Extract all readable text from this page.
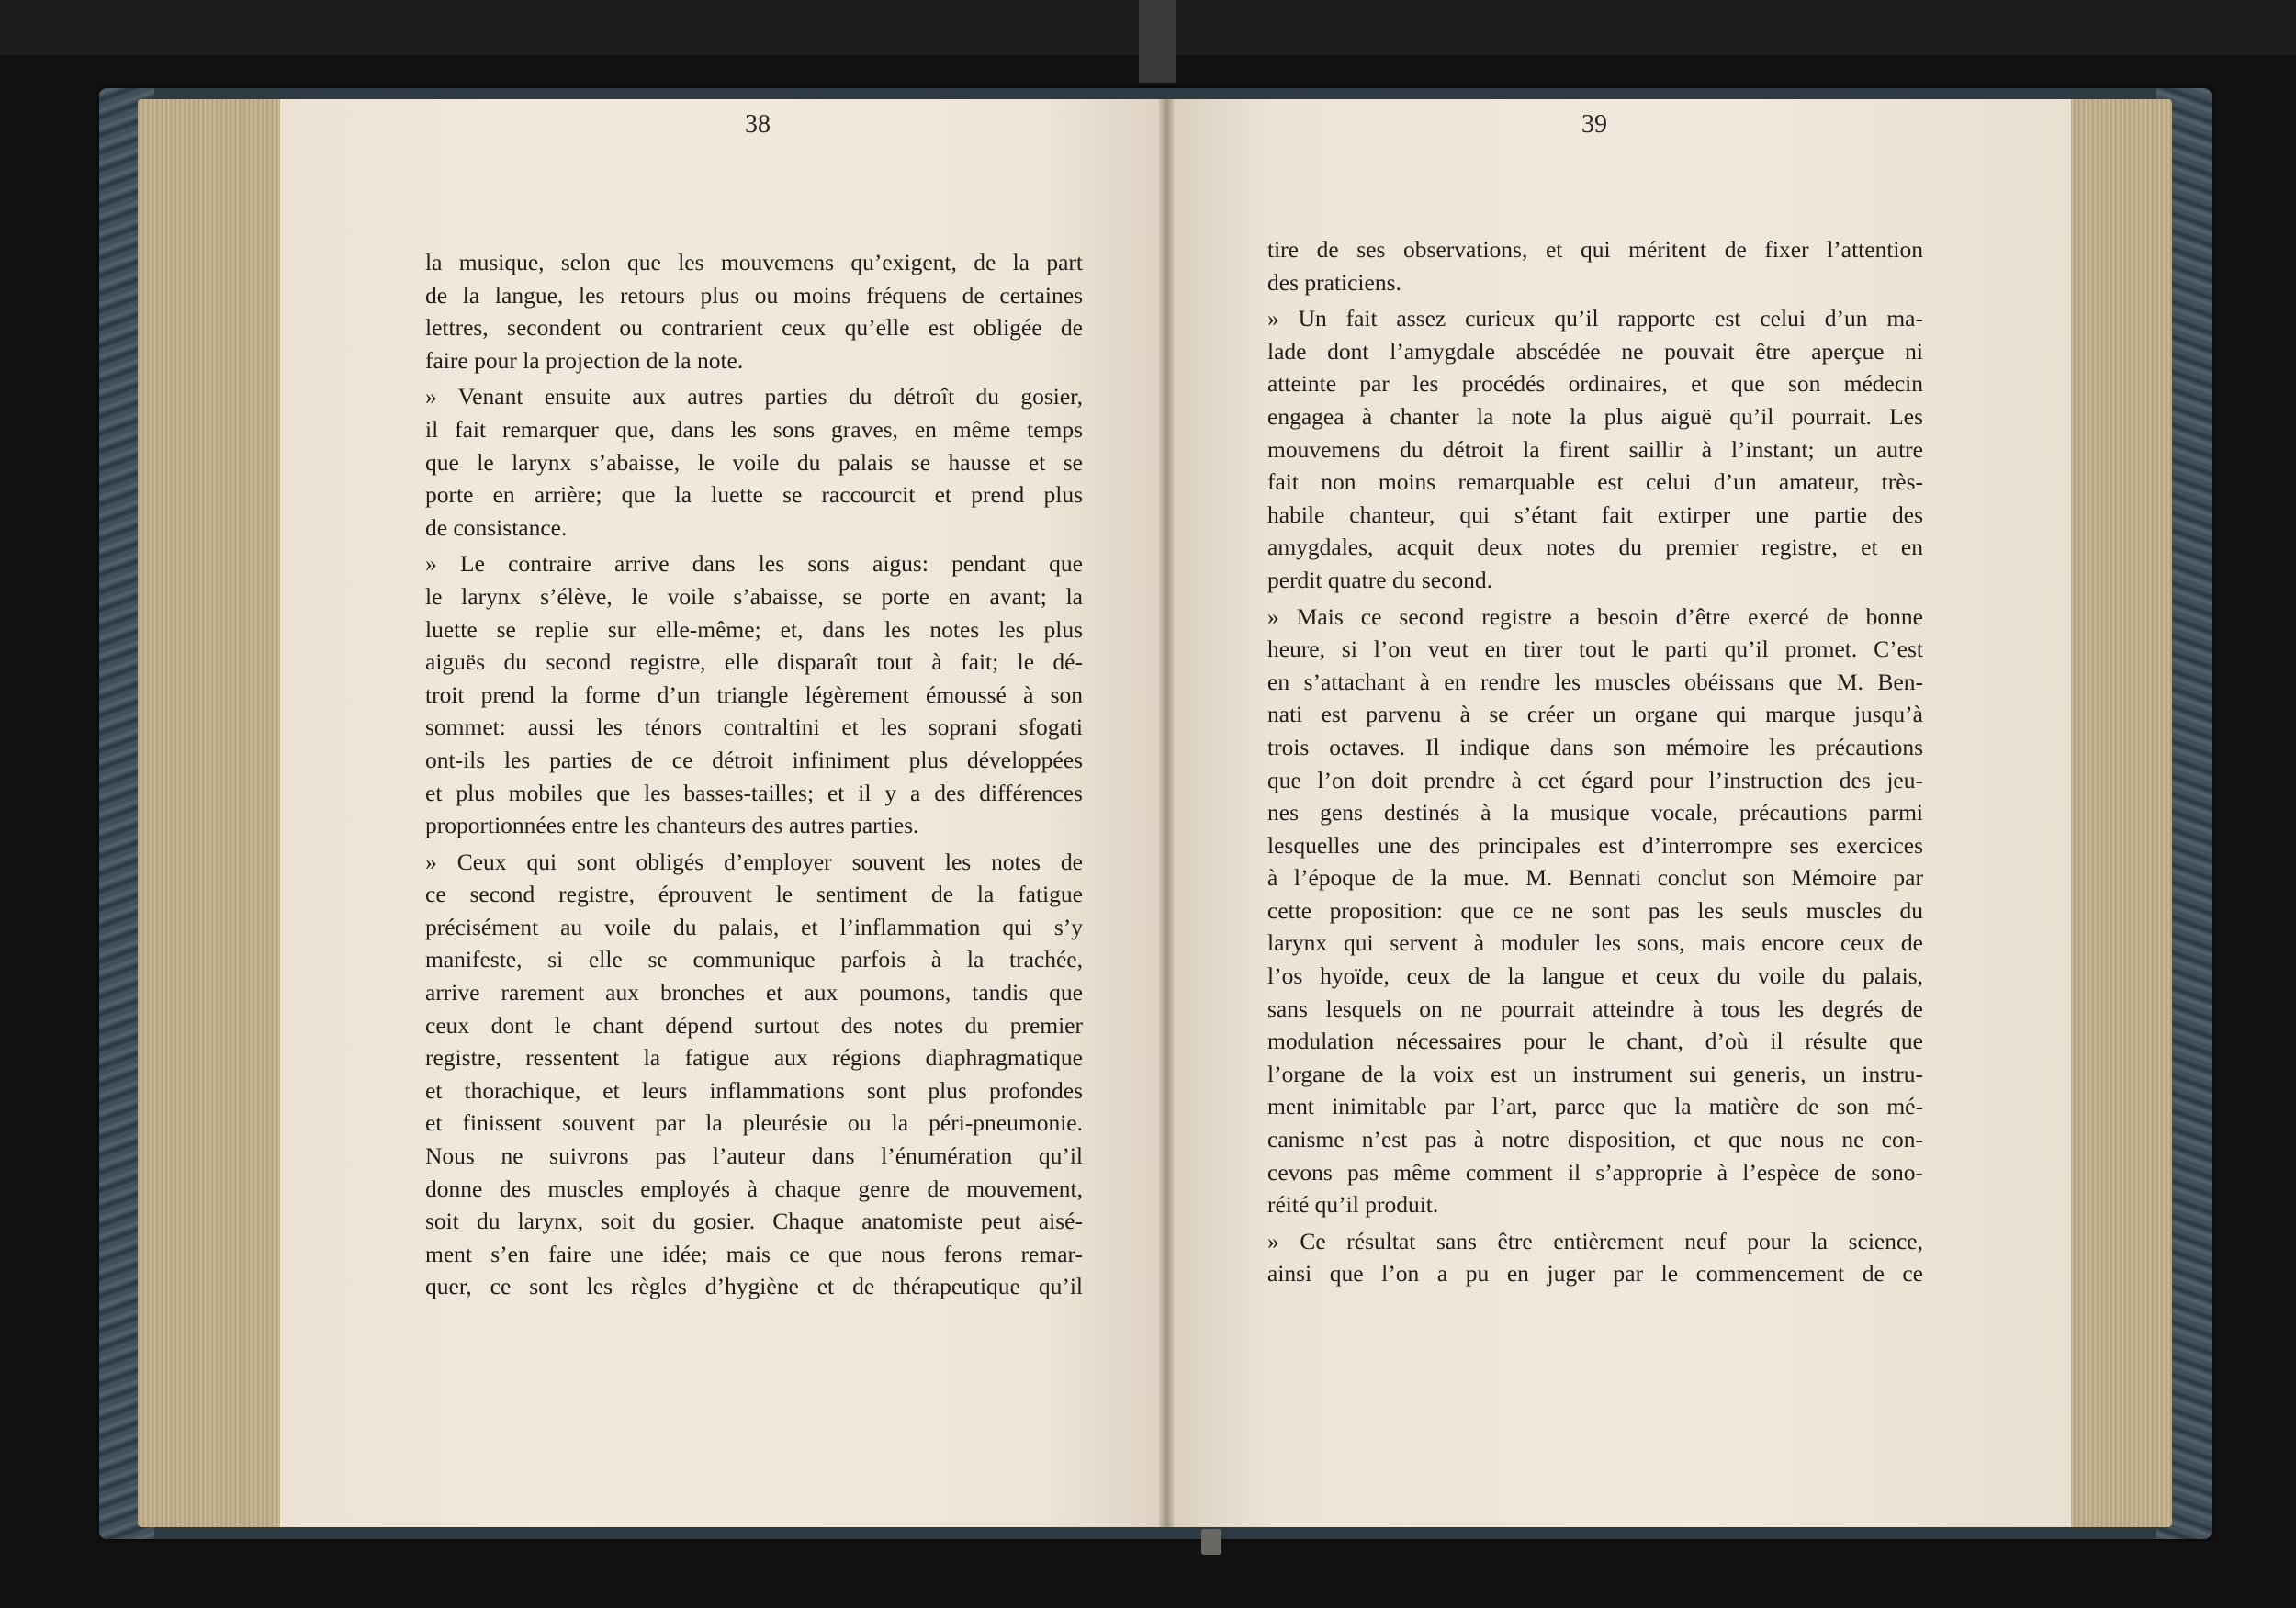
38	39
la musique, selon que les mouvemens qu’exigent, de la part
de la langue, les retours plus ou moins fréquens de certaines
lettres, secondent ou contrarient ceux qu’elle est obligée de
faire pour la projection de la note.
» Venant ensuite aux autres parties du détroît du gosier,
il fait remarquer que, dans les sons graves, en même temps
que le larynx s’abaisse, le voile du palais se hausse et se
porte en arrière; que la luette se raccourcit et prend plus
de consistance.
» Le contraire arrive dans les sons aigus: pendant que
le larynx s’élève, le voile s’abaisse, se porte en avant; la
luette se replie sur elle-même; et, dans les notes les plus
aiguës du second registre, elle disparaît tout à fait; le dé-
troit prend la forme d’un triangle légèrement émoussé à son
sommet: aussi les ténors contraltini et les soprani sfogati
ont-ils les parties de ce détroit infiniment plus développées
et plus mobiles que les basses-tailles; et il y a des différences
proportionnées entre les chanteurs des autres parties.
» Ceux qui sont obligés d’employer souvent les notes de
ce second registre, éprouvent le sentiment de la fatigue
précisément au voile du palais, et l’inflammation qui s’y
manifeste, si elle se communique parfois à la trachée,
arrive rarement aux bronches et aux poumons, tandis que
ceux dont le chant dépend surtout des notes du premier
registre, ressentent la fatigue aux régions diaphragmatique
et thorachique, et leurs inflammations sont plus profondes
et finissent souvent par la pleurésie ou la péri-pneumonie.
Nous ne suivrons pas l’auteur dans l’énumération qu’il
donne des muscles employés à chaque genre de mouvement,
soit du larynx, soit du gosier. Chaque anatomiste peut aisé-
ment s’en faire une idée; mais ce que nous ferons remar-
quer, ce sont les règles d’hygiène et de thérapeutique qu’il
tire de ses observations, et qui méritent de fixer l’attention
des praticiens.
» Un fait assez curieux qu’il rapporte est celui d’un ma-
lade dont l’amygdale abscédée ne pouvait être aperçue ni
atteinte par les procédés ordinaires, et que son médecin
engagea à chanter la note la plus aiguë qu’il pourrait. Les
mouvemens du détroit la firent saillir à l’instant; un autre
fait non moins remarquable est celui d’un amateur, très-
habile chanteur, qui s’étant fait extirper une partie des
amygdales, acquit deux notes du premier registre, et en
perdit quatre du second.
» Mais ce second registre a besoin d’être exercé de bonne
heure, si l’on veut en tirer tout le parti qu’il promet. C’est
en s’attachant à en rendre les muscles obéissans que M. Ben-
nati est parvenu à se créer un organe qui marque jusqu’à
trois octaves. Il indique dans son mémoire les précautions
que l’on doit prendre à cet égard pour l’instruction des jeu-
nes gens destinés à la musique vocale, précautions parmi
lesquelles une des principales est d’interrompre ses exercices
à l’époque de la mue. M. Bennati conclut son Mémoire par
cette proposition: que ce ne sont pas les seuls muscles du
larynx qui servent à moduler les sons, mais encore ceux de
l’os hyoïde, ceux de la langue et ceux du voile du palais,
sans lesquels on ne pourrait atteindre à tous les degrés de
modulation nécessaires pour le chant, d’où il résulte que
l’organe de la voix est un instrument sui generis, un instru-
ment inimitable par l’art, parce que la matière de son mé-
canisme n’est pas à notre disposition, et que nous ne con-
cevons pas même comment il s’approprie à l’espèce de sono-
réité qu’il produit.
» Ce résultat sans être entièrement neuf pour la science,
ainsi que l’on a pu en juger par le commencement de ce
